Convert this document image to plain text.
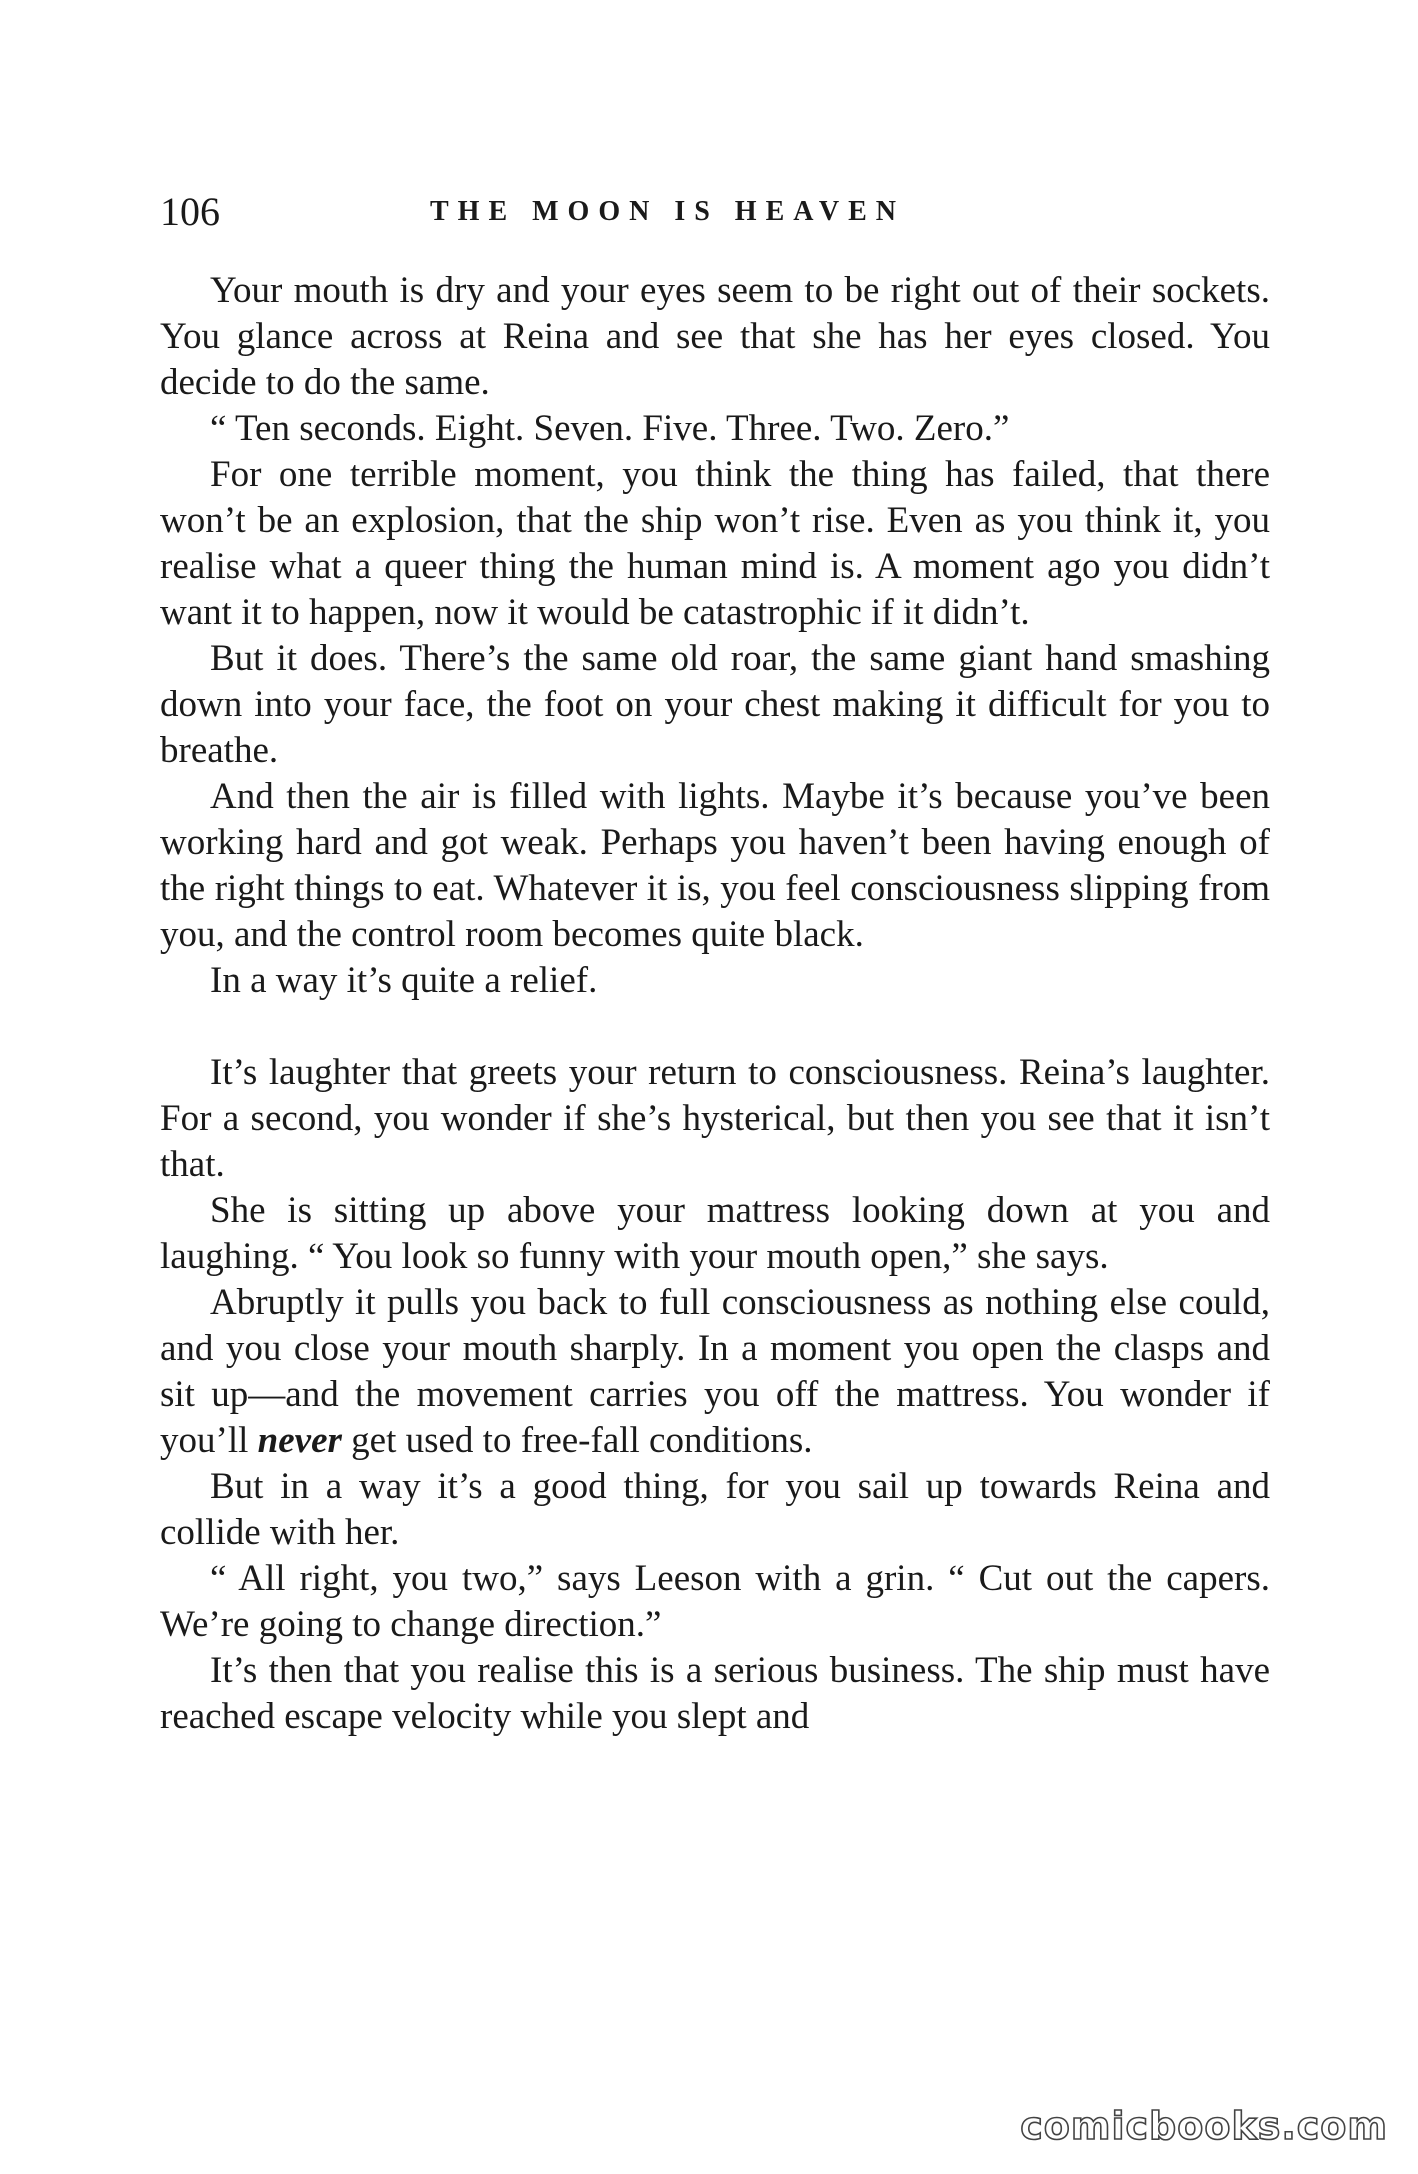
106	THE MOON IS HEAVEN

Your mouth is dry and your eyes seem to be right out of their sockets. You glance across at Reina and see that she has her eyes closed. You decide to do the same.

“ Ten seconds. Eight. Seven. Five. Three. Two. Zero.”

For one terrible moment, you think the thing has failed, that there won’t be an explosion, that the ship won’t rise. Even as you think it, you realise what a queer thing the human mind is. A moment ago you didn’t want it to happen, now it would be catastrophic if it didn’t.

But it does. There’s the same old roar, the same giant hand smashing down into your face, the foot on your chest making it difficult for you to breathe.

And then the air is filled with lights. Maybe it’s because you’ve been working hard and got weak. Perhaps you haven’t been having enough of the right things to eat. Whatever it is, you feel consciousness slipping from you, and the control room becomes quite black.

In a way it’s quite a relief.

It’s laughter that greets your return to consciousness. Reina’s laughter. For a second, you wonder if she’s hysterical, but then you see that it isn’t that.

She is sitting up above your mattress looking down at you and laughing. “ You look so funny with your mouth open,” she says.

Abruptly it pulls you back to full consciousness as nothing else could, and you close your mouth sharply. In a moment you open the clasps and sit up—and the movement carries you off the mattress. You wonder if you’ll never get used to free-fall conditions.

But in a way it’s a good thing, for you sail up towards Reina and collide with her.

“ All right, you two,” says Leeson with a grin. “ Cut out the capers. We’re going to change direction.”

It’s then that you realise this is a serious business. The ship must have reached escape velocity while you slept and

comicbooks.com
